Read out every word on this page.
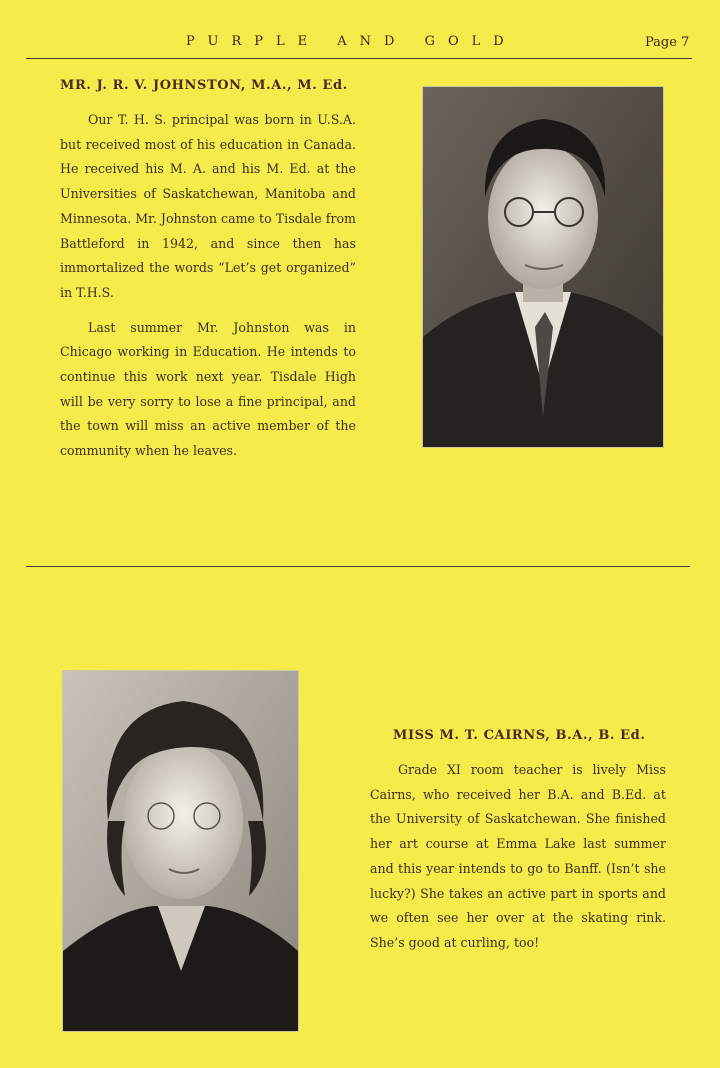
PURPLE AND GOLD	Page 7
MR. J. R. V. JOHNSTON, M.A., M. Ed.

Our T. H. S. principal was born in U.S.A. but received most of his education in Canada. He received his M. A. and his M. Ed. at the Universities of Saskatchewan, Manitoba and Minnesota. Mr. Johnston came to Tisdale from Battleford in 1942, and since then has immortalized the words “Let’s get organized” in T.H.S.

Last summer Mr. Johnston was in Chicago working in Education. He intends to continue this work next year. Tisdale High will be very sorry to lose a fine principal, and the town will miss an active member of the community when he leaves.

MISS M. T. CAIRNS, B.A., B. Ed.

Grade XI room teacher is lively Miss Cairns, who received her B.A. and B.Ed. at the University of Saskatchewan. She finished her art course at Emma Lake last summer and this year intends to go to Banff. (Isn’t she lucky?) She takes an active part in sports and we often see her over at the skating rink. She’s good at curling, too!
